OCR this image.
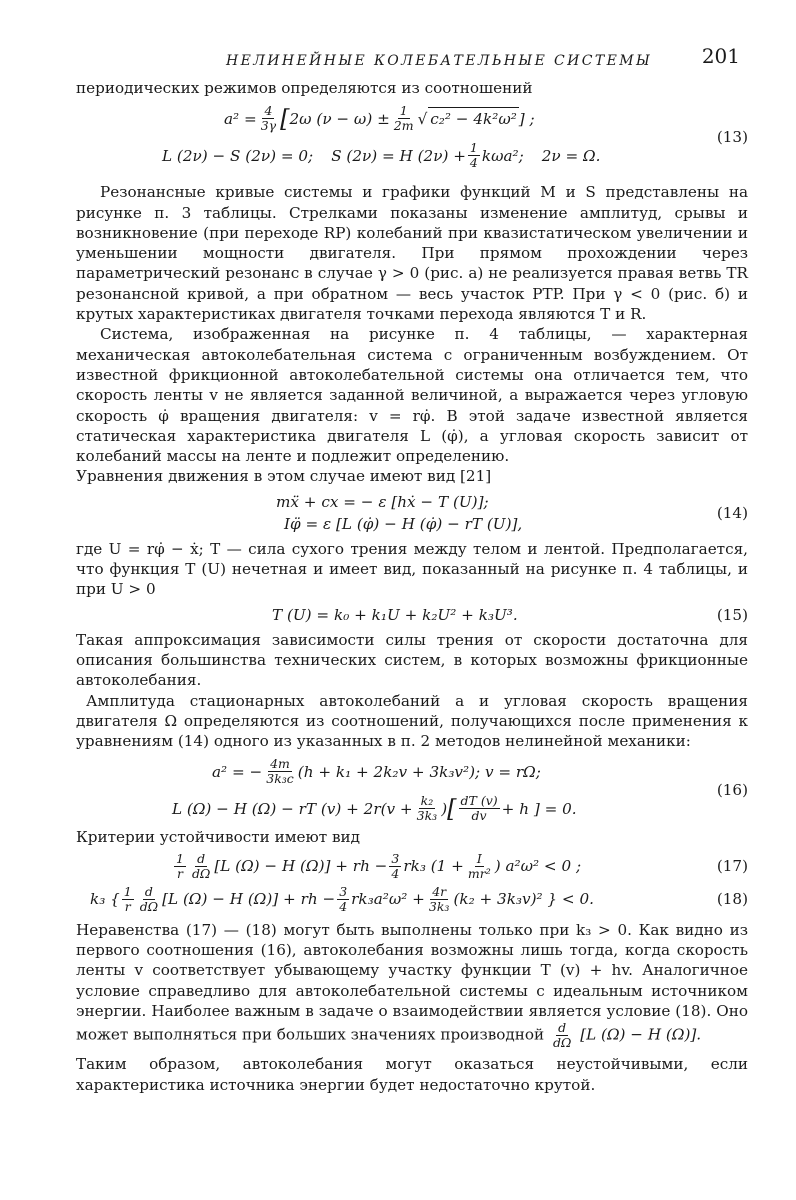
НЕЛИНЕЙНЫЕ КОЛЕБАТЕЛЬНЫЕ СИСТЕМЫ 201

периодических режимов определяются из соотношений

$a^2 = \frac{4}{3\gamma}$ [ 2ω $(\nu - \omega) \pm \frac{1}{2m}$ √ c₂² − 4k²ω² ] ;
L (2ν) − S (2ν) = 0; S (2ν) = H $(2\nu) + \frac{1}{4} k\omega a^2$; 2ν = Ω.
(13)

Резонансные кривые системы и графики функций M и S представлены на рисунке п. 3 таблицы. Стрелками показаны изменение амплитуд, срывы и возникновение (при переходе RP) колебаний при квазистатическом увеличении и уменьшении мощности двигателя. При прямом прохождении через параметрический резонанс в случае γ > 0 (рис. а) не реализуется правая ветвь TR резонансной кривой, а при обратном — весь участок PTP. При γ < 0 (рис. б) и крутых характеристиках двигателя точками перехода являются T и R.

Система, изображенная на рисунке п. 4 таблицы, — характерная механическая автоколебательная система с ограниченным возбуждением. От известной фрикционной автоколебательной системы она отличается тем, что скорость ленты v не является заданной величиной, а выражается через угловую скорость φ̇ вращения двигателя: v = rφ̇. В этой задаче известной является статическая характеристика двигателя L (φ̇), а угловая скорость зависит от колебаний массы на ленте и подлежит определению.

Уравнения движения в этом случае имеют вид [21]

mẍ + cx = − ε [hẋ − T (U)];
Iφ̈ = ε [L (φ̇) − H (φ̇) − rT (U)],
(14)

где U = rφ̇ − ẋ; T — сила сухого трения между телом и лентой. Предполагается, что функция T (U) нечетная и имеет вид, показанный на рисунке п. 4 таблицы, и при U > 0

T (U) = k₀ + k₁U + k₂U² + k₃U³.	(15)

Такая аппроксимация зависимости силы трения от скорости достаточна для описания большинства технических систем, в которых возможны фрикционные автоколебания.

Амплитуда стационарных автоколебаний a и угловая скорость вращения двигателя Ω определяются из соотношений, получающихся после применения к уравнениям (14) одного из указанных в п. 2 методов нелинейной механики:

a² = − $\frac{4m}{\text{3k₃c}} (h + k_1 + 2k_2v + 3k_3v^2)$; v = rΩ;
L (Ω) − H (Ω) − rT (v) + 2r ($v + \frac{\text{k₂}}{\text{3k₃}}$ ) [ $\frac{dT (v)}{dv} + h$ ] = 0.
(16)

Критерии устойчивости имеют вид

$\frac{1}{r} \frac{d}{d\Omega} [L$ (Ω) − H (Ω)] + rh − $\frac{3}{4} rk_3$ ($1 + \frac{I}{\text{mr²}}$ ) a²ω² < 0 ;	(17)
k₃ { $\frac{1}{r} \frac{d}{d\Omega} [L$ (Ω) − H (Ω)] + rh − $\frac{3}{4} rk_3a^2\omega^2 + \frac{4r}{\text{3k₃}} (k_2 + 3k_3v)^2$ } < 0.	(18)

Неравенства (17) — (18) могут быть выполнены только при k₃ > 0. Как видно из первого соотношения (16), автоколебания возможны лишь тогда, когда скорость ленты v соответствует убывающему участку функции T (v) + hv. Аналогичное условие справедливо для автоколебательной системы с идеальным источником энергии. Наиболее важным в задаче о взаимодействии является условие (18). Оно может выполняться при больших значениях производной $\frac{d}{d\Omega} [L$ (Ω) − H (Ω)].

Таким образом, автоколебания могут оказаться неустойчивыми, если характеристика источника энергии будет недостаточно крутой.
